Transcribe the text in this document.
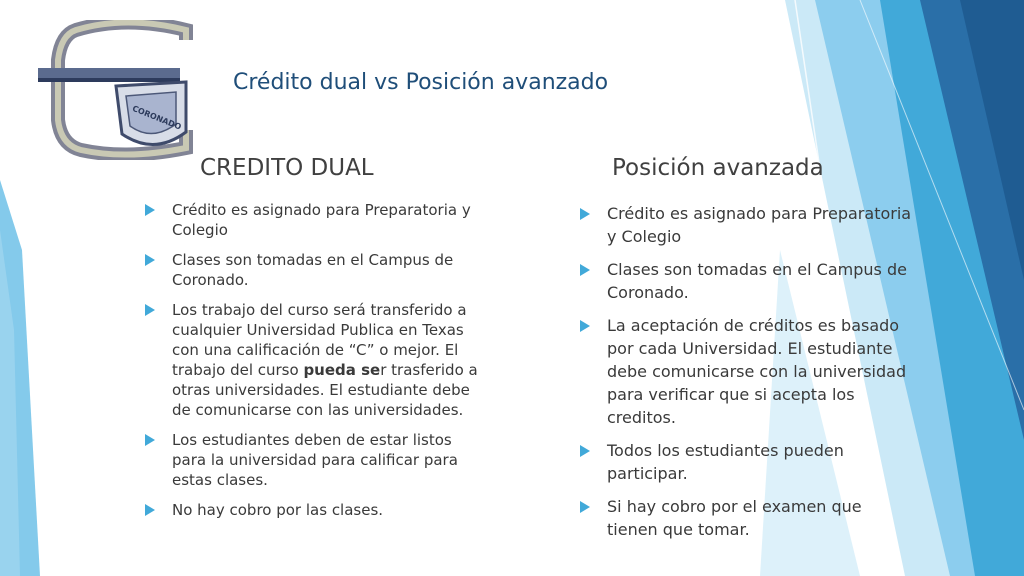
CORONADO
Crédito dual vs Posición avanzado
CREDITO DUAL	Posición avanzada
Crédito es asignado para Preparatoria y Colegio
Clases son tomadas en el Campus de Coronado.
Los trabajo del curso será transferido a cualquier Universidad Publica en Texas con una calificación de “C” o mejor. El trabajo del curso pueda ser trasferido a otras universidades. El estudiante debe de comunicarse con las universidades.
Los estudiantes deben de estar listos para la universidad para calificar para estas clases.
No hay cobro por las clases.
Crédito es asignado para Preparatoria y Colegio
Clases son tomadas en el Campus de Coronado.
La aceptación de créditos es basado por cada Universidad. El estudiante debe comunicarse con la universidad para verificar que si acepta los creditos.
Todos los estudiantes pueden participar.
Si hay cobro por el examen que tienen que tomar.
